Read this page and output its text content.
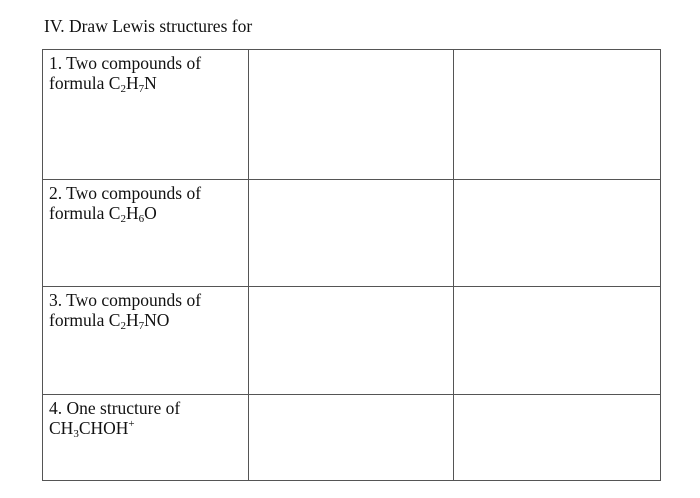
IV. Draw Lewis structures for
1. Two compounds of
formula $C_2H_7N$		

2. Two compounds of
formula $C_2H_6O$		

3. Two compounds of
formula $C_2H_7NO$		

4. One structure of
$CH_3CHOH^+$
